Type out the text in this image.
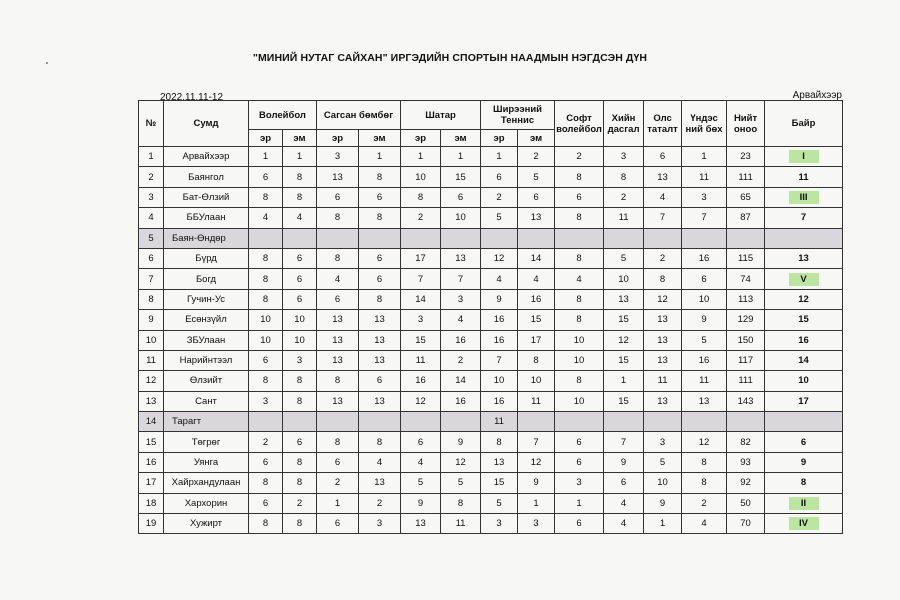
"МИНИЙ НУТАГ САЙХАН" ИРГЭДИЙН СПОРТЫН НААДМЫН НЭГДСЭН ДҮН
2022.11.11-12	Арвайхээр
№	Сумд	Волейбол		Сагсан бөмбөг		Шатар		Ширээний Теннис		Софт волейбол	Хийн дасгал	Олс таталт	Үндэс ний бөх	Нийт оноо	Байр
		эр	эм	эр	эм	эр	эм	эр	эм						
1	Арвайхээр	1	1	3	1	1	1	1	2	2	3	6	1	23	I
2	Баянгол	6	8	13	8	10	15	6	5	8	8	13	11	111	11
3	Бат-Өлзий	8	8	6	6	8	6	2	6	6	2	4	3	65	III
4	ББУлаан	4	4	8	8	2	10	5	13	8	11	7	7	87	7
5	Баян-Өндөр														
6	Бүрд	8	6	8	6	17	13	12	14	8	5	2	16	115	13
7	Богд	8	6	4	6	7	7	4	4	4	10	8	6	74	V
8	Гучин-Ус	8	6	6	8	14	3	9	16	8	13	12	10	113	12
9	Есөнзүйл	10	10	13	13	3	4	16	15	8	15	13	9	129	15
10	ЗБУлаан	10	10	13	13	15	16	16	17	10	12	13	5	150	16
11	Нарийнтээл	6	3	13	13	11	2	7	8	10	15	13	16	117	14
12	Өлзийт	8	8	8	6	16	14	10	10	8	1	11	11	111	10
13	Сант	3	8	13	13	12	16	16	11	10	15	13	13	143	17
14	Тарагт							11							
15	Төгрөг	2	6	8	8	6	9	8	7	6	7	3	12	82	6
16	Уянга	6	8	6	4	4	12	13	12	6	9	5	8	93	9
17	Хайрхандулаан	8	8	2	13	5	5	15	9	3	6	10	8	92	8
18	Хархорин	6	2	1	2	9	8	5	1	1	4	9	2	50	II
19	Хужирт	8	8	6	3	13	11	3	3	6	4	1	4	70	IV
